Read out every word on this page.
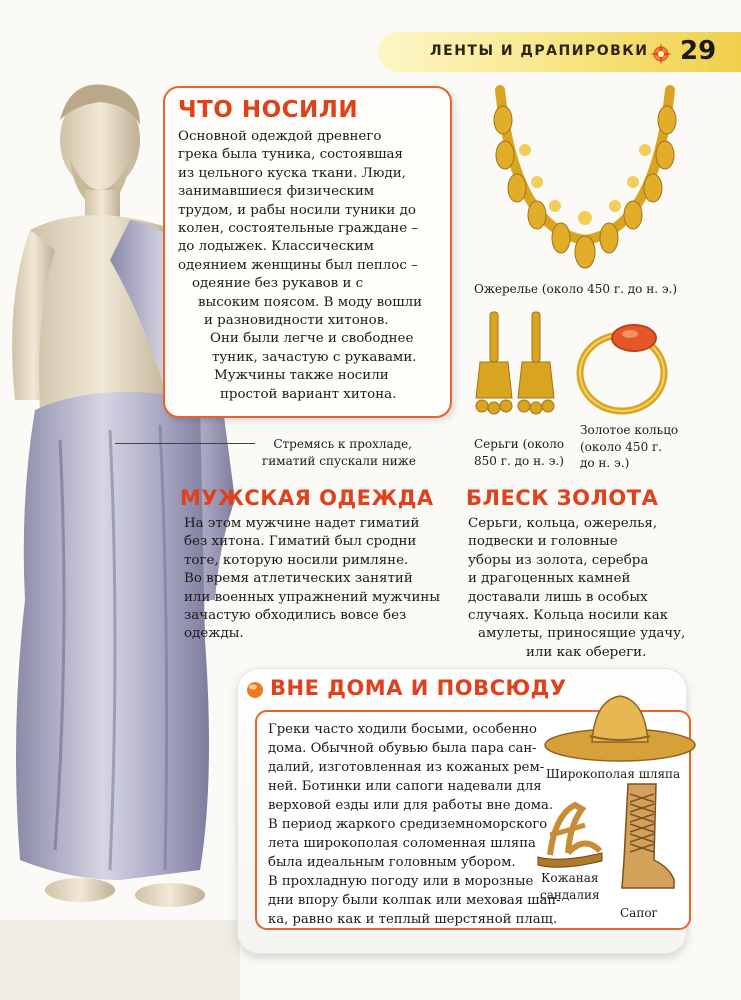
ЛЕНТЫ И ДРАПИРОВКИ 29
ЧТО НОСИЛИ
Основной одеждой древнего
грека была туника, состоявшая
из цельного куска ткани. Люди,
занимавшиеся физическим
трудом, и рабы носили туники до
колен, состоятельные граждане –
до лодыжек. Классическим
одеянием женщины был пеплос –
одеяние без рукавов и с
высоким поясом. В моду вошли
и разновидности хитонов.
Они были легче и свободнее
туник, зачастую с рукавами.
Мужчины также носили
простой вариант хитона.
Стремясь к прохладе,
гиматий спускали ниже
Ожерелье (около 450 г. до н. э.)
Серьги (около
850 г. до н. э.)
Золотое кольцо
(около 450 г.
до н. э.)
МУЖСКАЯ ОДЕЖДА
На этом мужчине надет гиматий
без хитона. Гиматий был сродни
тоге, которую носили римляне.
Во время атлетических занятий
или военных упражнений мужчины
зачастую обходились вовсе без
одежды.
БЛЕСК ЗОЛОТА
Серьги, кольца, ожерелья,
подвески и головные
уборы из золота, серебра
и драгоценных камней
доставали лишь в особых
случаях. Кольца носили как
амулеты, приносящие удачу,
или как обереги.
ВНЕ ДОМА И ПОВСЮДУ
Греки часто ходили босыми, особенно
дома. Обычной обувью была пара сан-
далий, изготовленная из кожаных рем-
ней. Ботинки или сапоги надевали для
верховой езды или для работы вне дома.
В период жаркого средиземноморского
лета широкополая соломенная шляпа
была идеальным головным убором.
В прохладную погоду или в морозные
дни впору были колпак или меховая шап-
ка, равно как и теплый шерстяной плащ.
Широкополая шляпа
Кожаная
сандалия
Сапог
